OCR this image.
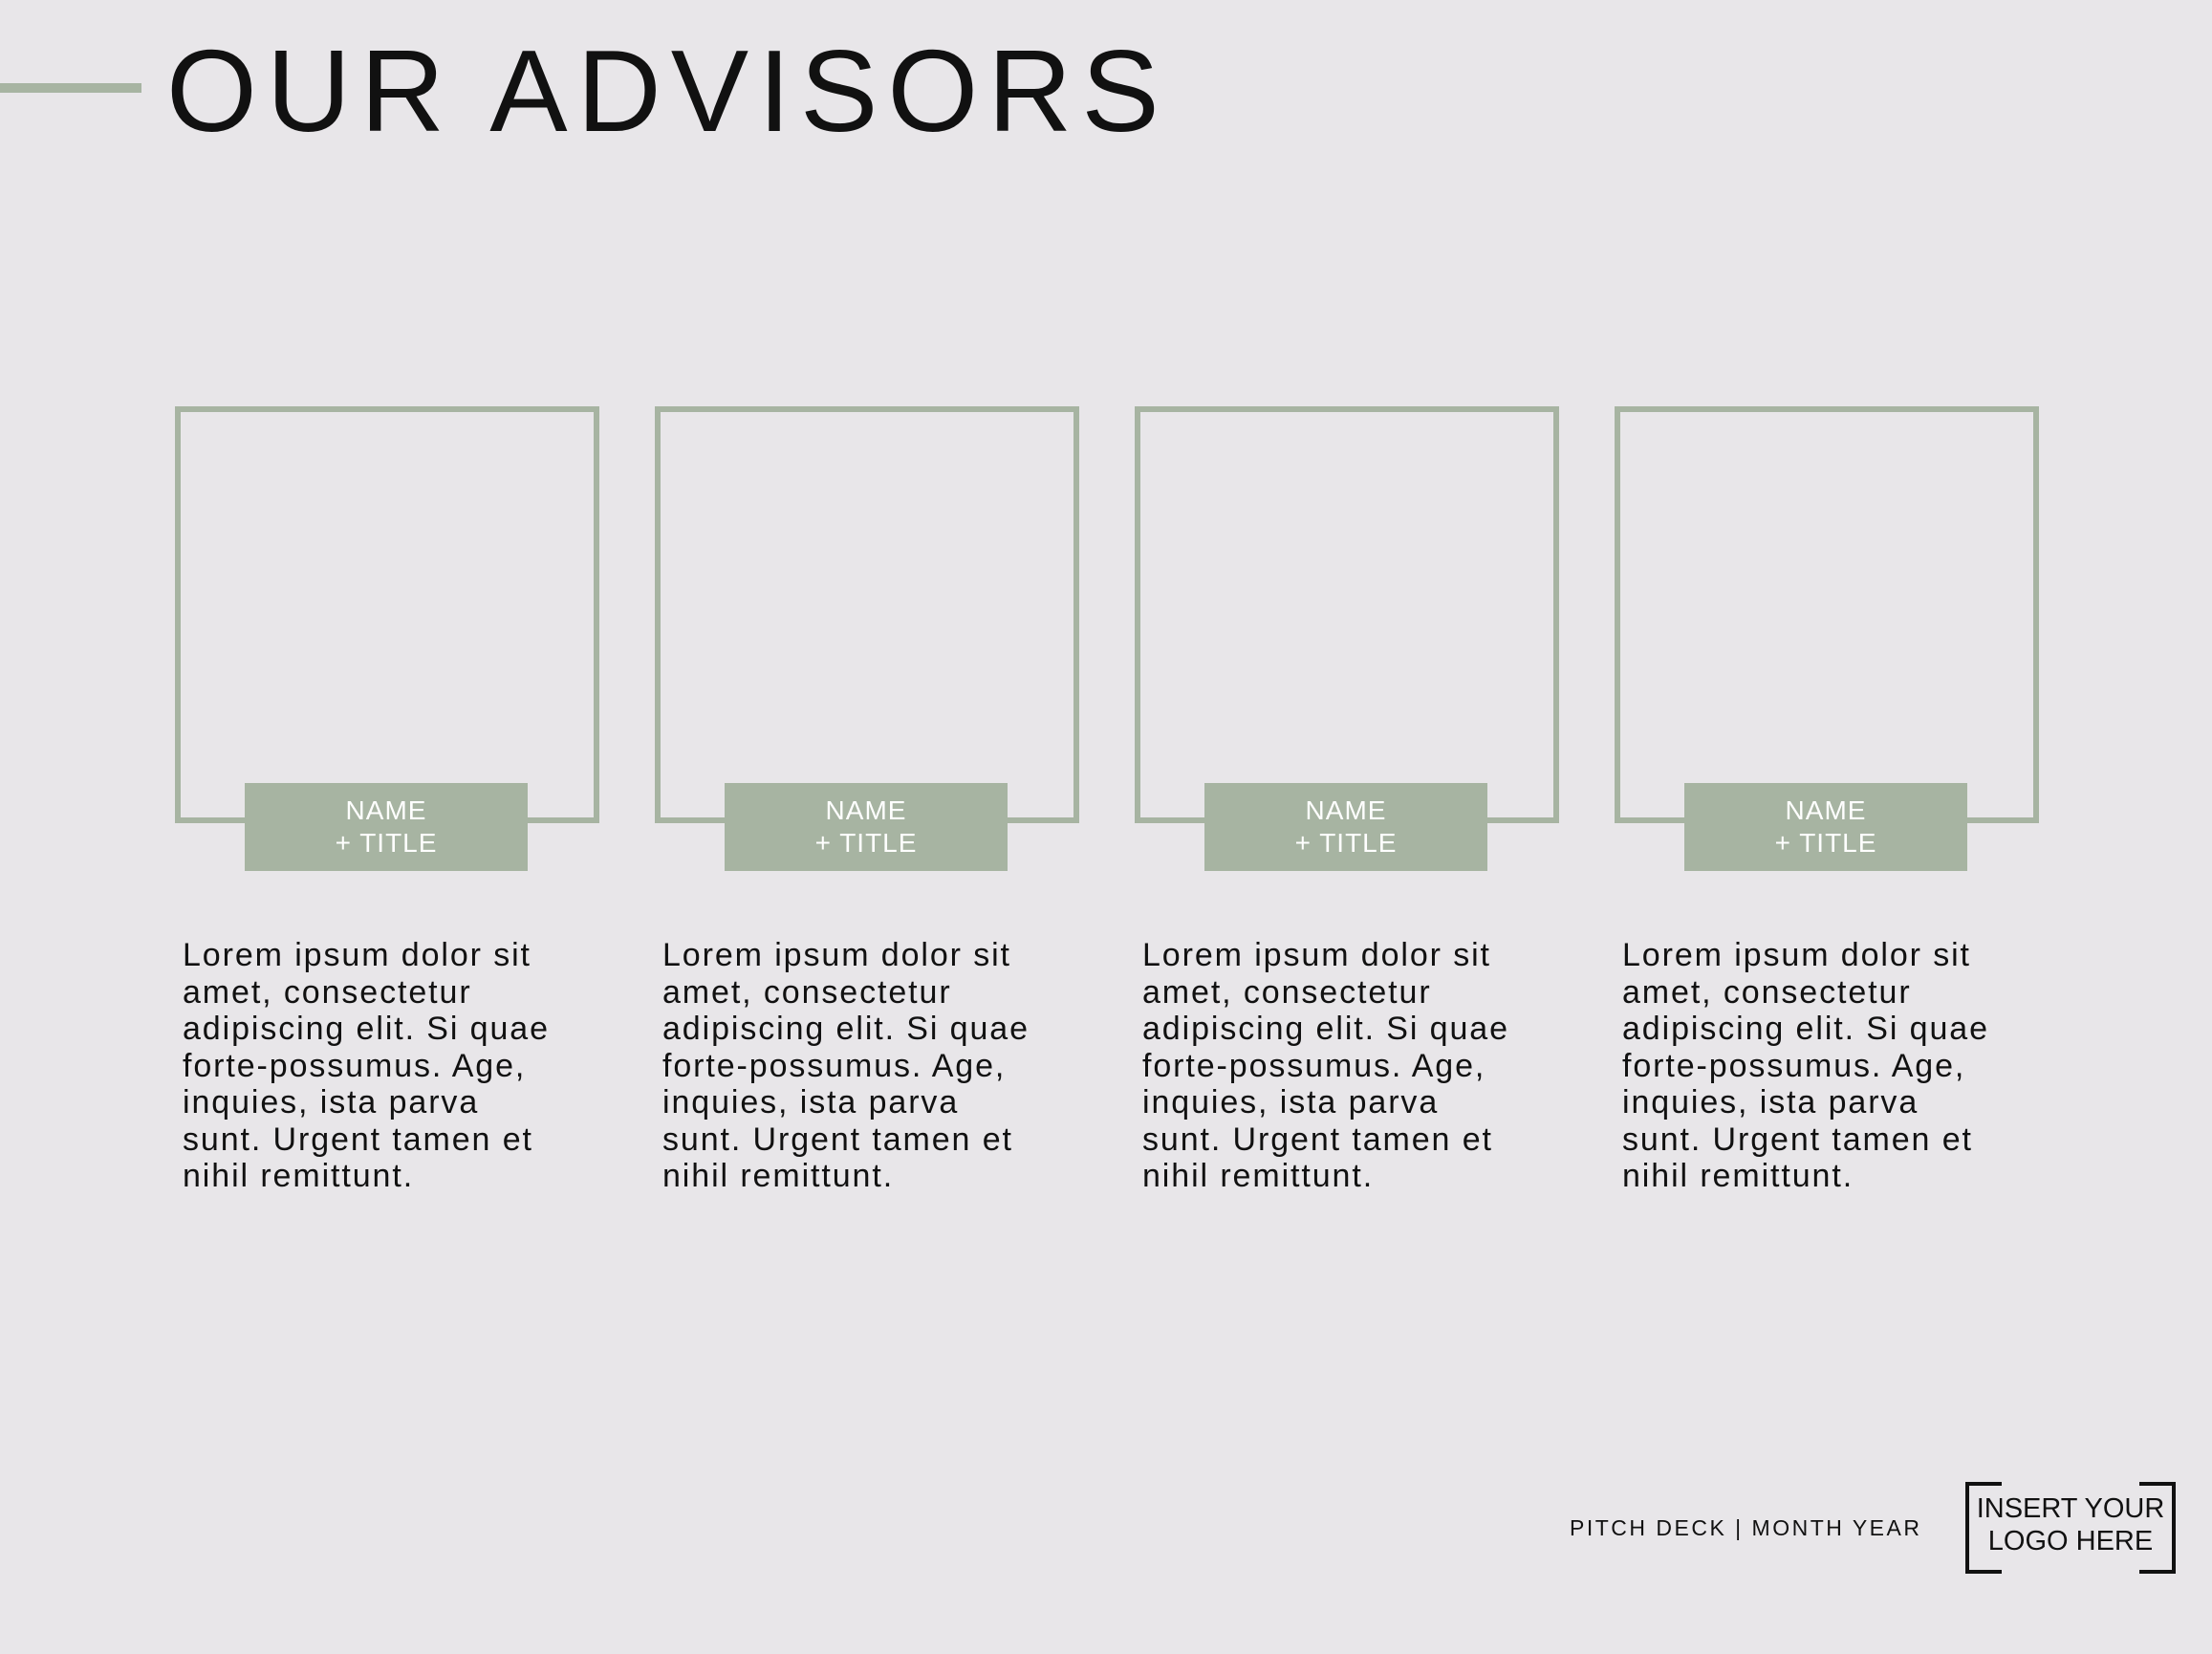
OUR ADVISORS
NAME
+ TITLE

Lorem ipsum dolor sit
amet, consectetur
adipiscing elit. Si quae
forte-possumus. Age,
inquies, ista parva
sunt. Urgent tamen et
nihil remittunt.

NAME
+ TITLE

Lorem ipsum dolor sit
amet, consectetur
adipiscing elit. Si quae
forte-possumus. Age,
inquies, ista parva
sunt. Urgent tamen et
nihil remittunt.

NAME
+ TITLE

Lorem ipsum dolor sit
amet, consectetur
adipiscing elit. Si quae
forte-possumus. Age,
inquies, ista parva
sunt. Urgent tamen et
nihil remittunt.

NAME
+ TITLE

Lorem ipsum dolor sit
amet, consectetur
adipiscing elit. Si quae
forte-possumus. Age,
inquies, ista parva
sunt. Urgent tamen et
nihil remittunt.

PITCH DECK | MONTH YEAR
INSERT YOUR
LOGO HERE
